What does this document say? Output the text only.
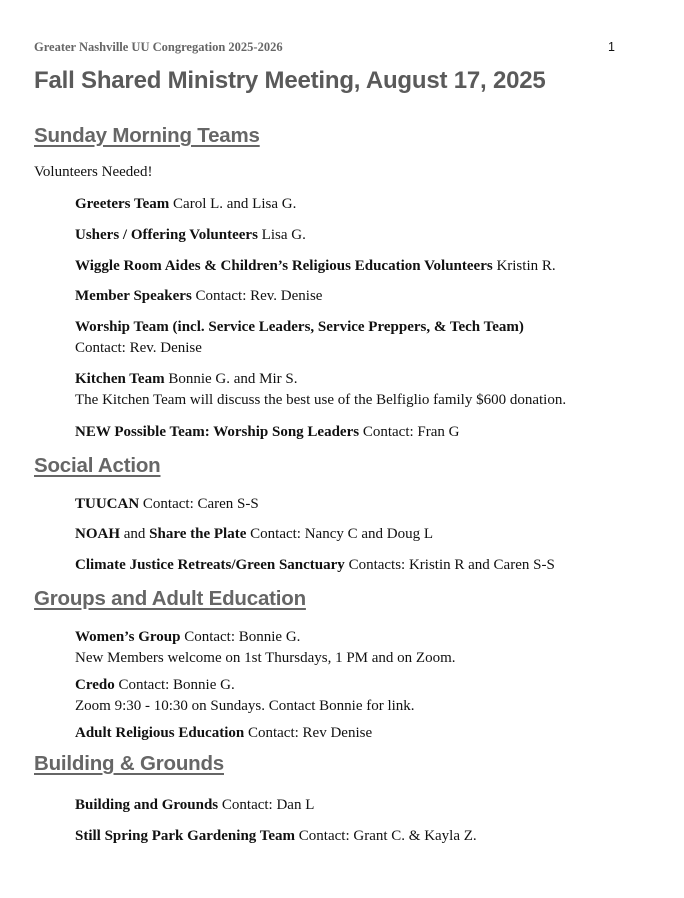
Greater Nashville UU Congregation 2025-2026	1
Fall Shared Ministry Meeting, August 17, 2025
Sunday Morning Teams
Volunteers Needed!
Greeters Team Carol L. and Lisa G.
Ushers / Offering Volunteers Lisa G.
Wiggle Room Aides & Children’s Religious Education Volunteers Kristin R.
Member Speakers Contact: Rev. Denise
Worship Team (incl. Service Leaders, Service Preppers, & Tech Team)
Contact: Rev. Denise
Kitchen Team Bonnie G. and Mir S.
The Kitchen Team will discuss the best use of the Belfiglio family $600 donation.
NEW Possible Team: Worship Song Leaders Contact: Fran G
Social Action
TUUCAN Contact: Caren S-S
NOAH and Share the Plate Contact: Nancy C and Doug L
Climate Justice Retreats/Green Sanctuary Contacts: Kristin R and Caren S-S
Groups and Adult Education
Women’s Group Contact: Bonnie G.
New Members welcome on 1st Thursdays, 1 PM and on Zoom.
Credo Contact: Bonnie G.
Zoom 9:30 - 10:30 on Sundays. Contact Bonnie for link.
Adult Religious Education Contact: Rev Denise
Building & Grounds
Building and Grounds Contact: Dan L
Still Spring Park Gardening Team Contact: Grant C. & Kayla Z.
